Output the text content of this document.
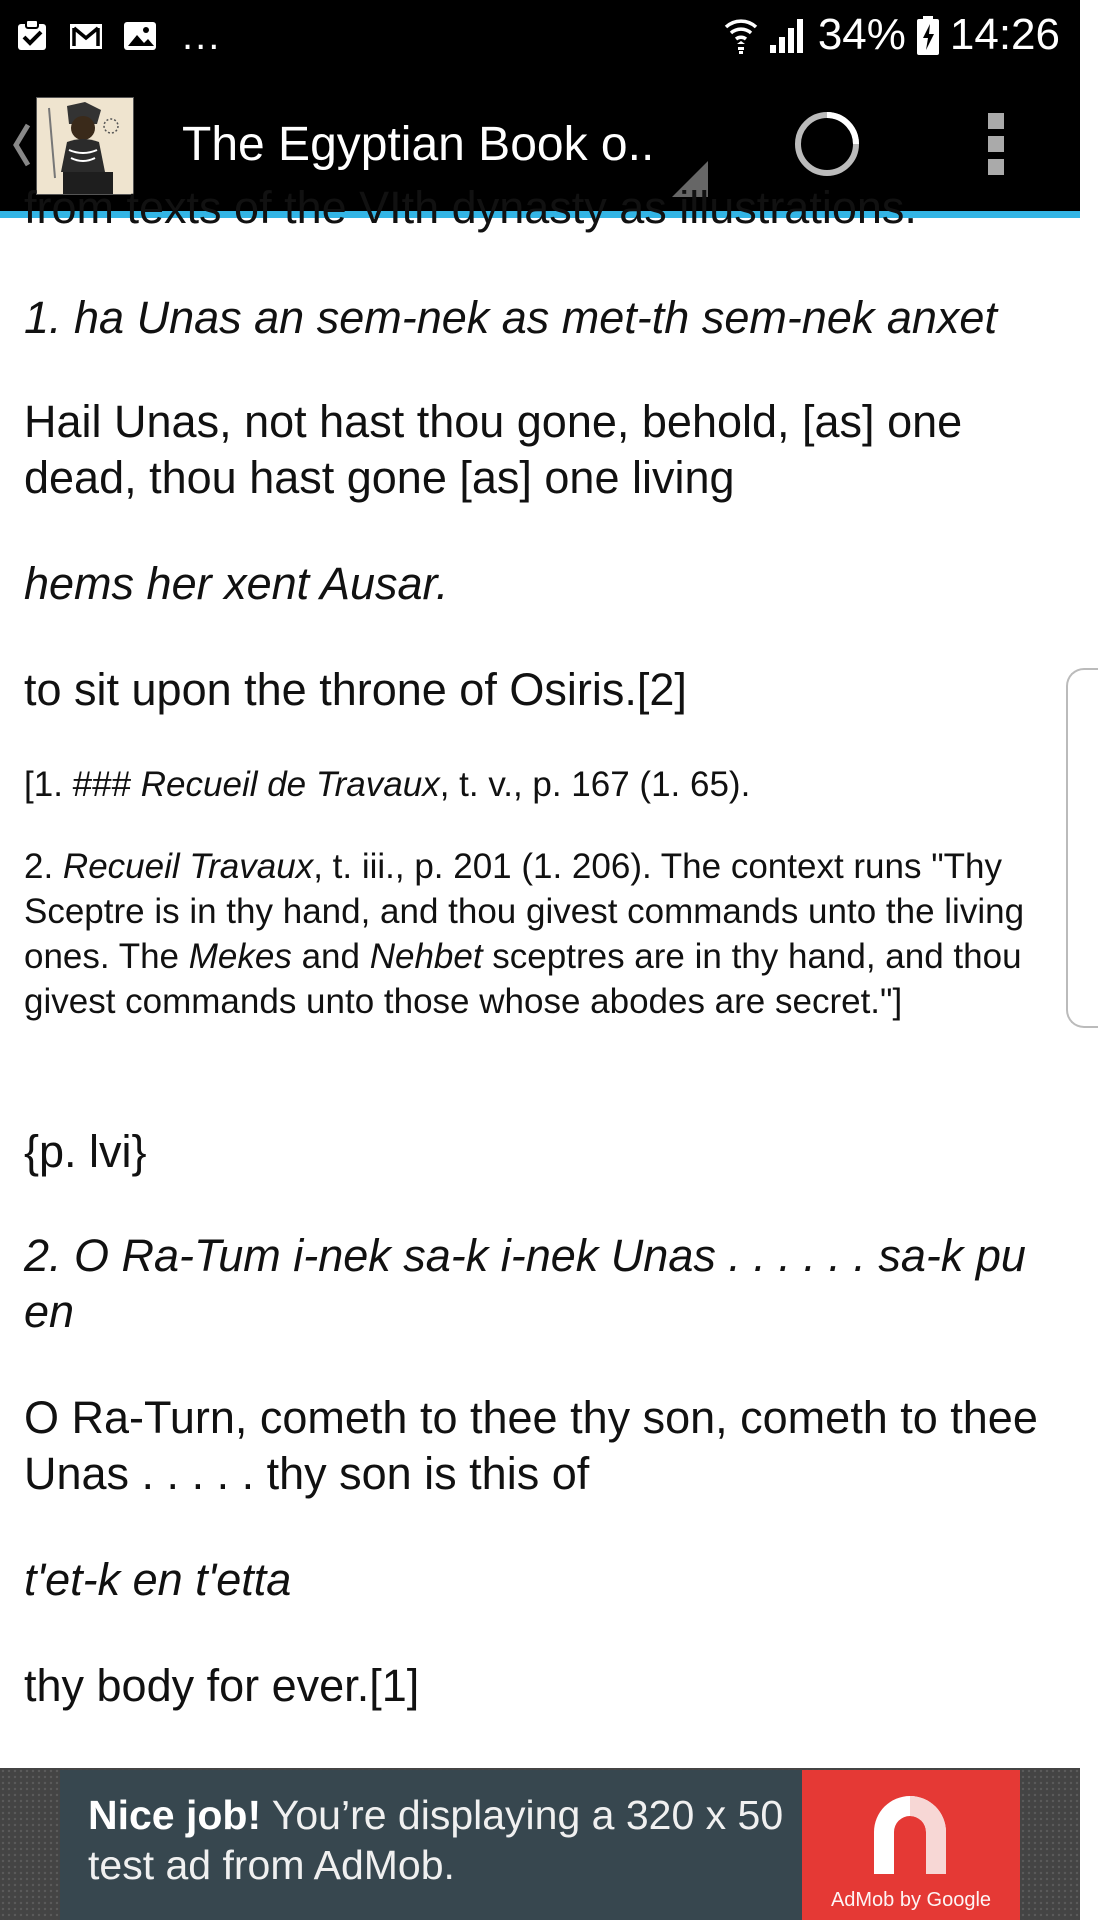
...	34% 14:26
The Egyptian Book o..
from texts of the VIth dynasty as illustrations.
1. ha Unas an sem-nek as met-th sem-nek anxet
Hail Unas, not hast thou gone, behold, [as] one dead, thou hast gone [as] one living
hems her xent Ausar.
to sit upon the throne of Osiris.[2]
[1. ### Recueil de Travaux, t. v., p. 167 (1. 65).
2. Recueil Travaux, t. iii., p. 201 (1. 206). The context runs "Thy Sceptre is in thy hand, and thou givest commands unto the living ones. The Mekes and Nehbet sceptres are in thy hand, and thou givest commands unto those whose abodes are secret."]
{p. lvi}
2. O Ra-Tum i-nek sa-k i-nek Unas . . . . . . sa-k pu en
O Ra-Turn, cometh to thee thy son, cometh to thee Unas . . . . . thy son is this of
t'et-k en t'etta
thy body for ever.[1]
Nice job! You’re displaying a 320 x 50 test ad from AdMob.
AdMob by Google
